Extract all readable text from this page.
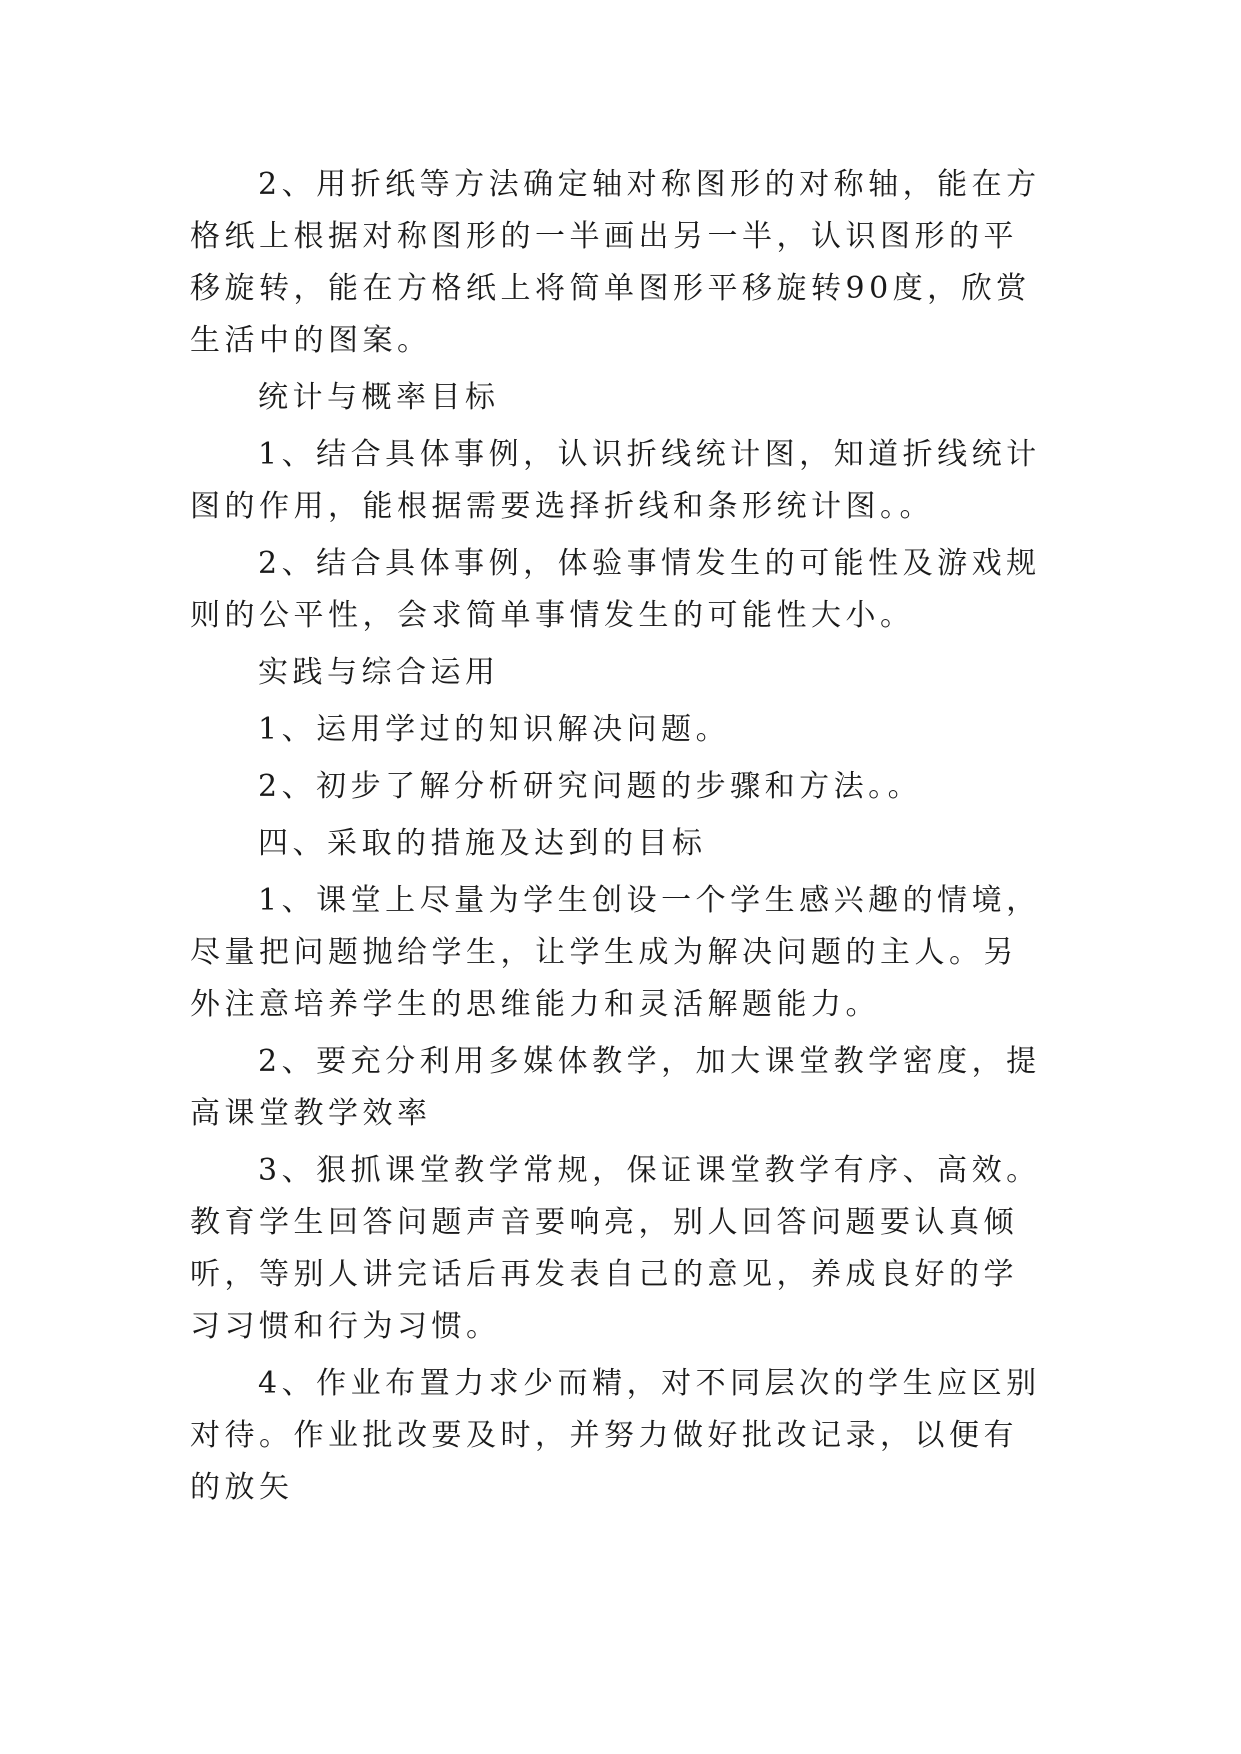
2、用折纸等方法确定轴对称图形的对称轴，能在方格纸上根据对称图形的一半画出另一半，认识图形的平移旋转，能在方格纸上将简单图形平移旋转90度，欣赏生活中的图案。

统计与概率目标

1、结合具体事例，认识折线统计图，知道折线统计图的作用，能根据需要选择折线和条形统计图。。

2、结合具体事例，体验事情发生的可能性及游戏规则的公平性，会求简单事情发生的可能性大小。

实践与综合运用

1、运用学过的知识解决问题。

2、初步了解分析研究问题的步骤和方法。。

四、采取的措施及达到的目标

1、课堂上尽量为学生创设一个学生感兴趣的情境，尽量把问题抛给学生，让学生成为解决问题的主人。另外注意培养学生的思维能力和灵活解题能力。

2、要充分利用多媒体教学，加大课堂教学密度，提高课堂教学效率

3、狠抓课堂教学常规，保证课堂教学有序、高效。教育学生回答问题声音要响亮，别人回答问题要认真倾听，等别人讲完话后再发表自己的意见，养成良好的学习习惯和行为习惯。

4、作业布置力求少而精，对不同层次的学生应区别对待。作业批改要及时，并努力做好批改记录，以便有的放矢
